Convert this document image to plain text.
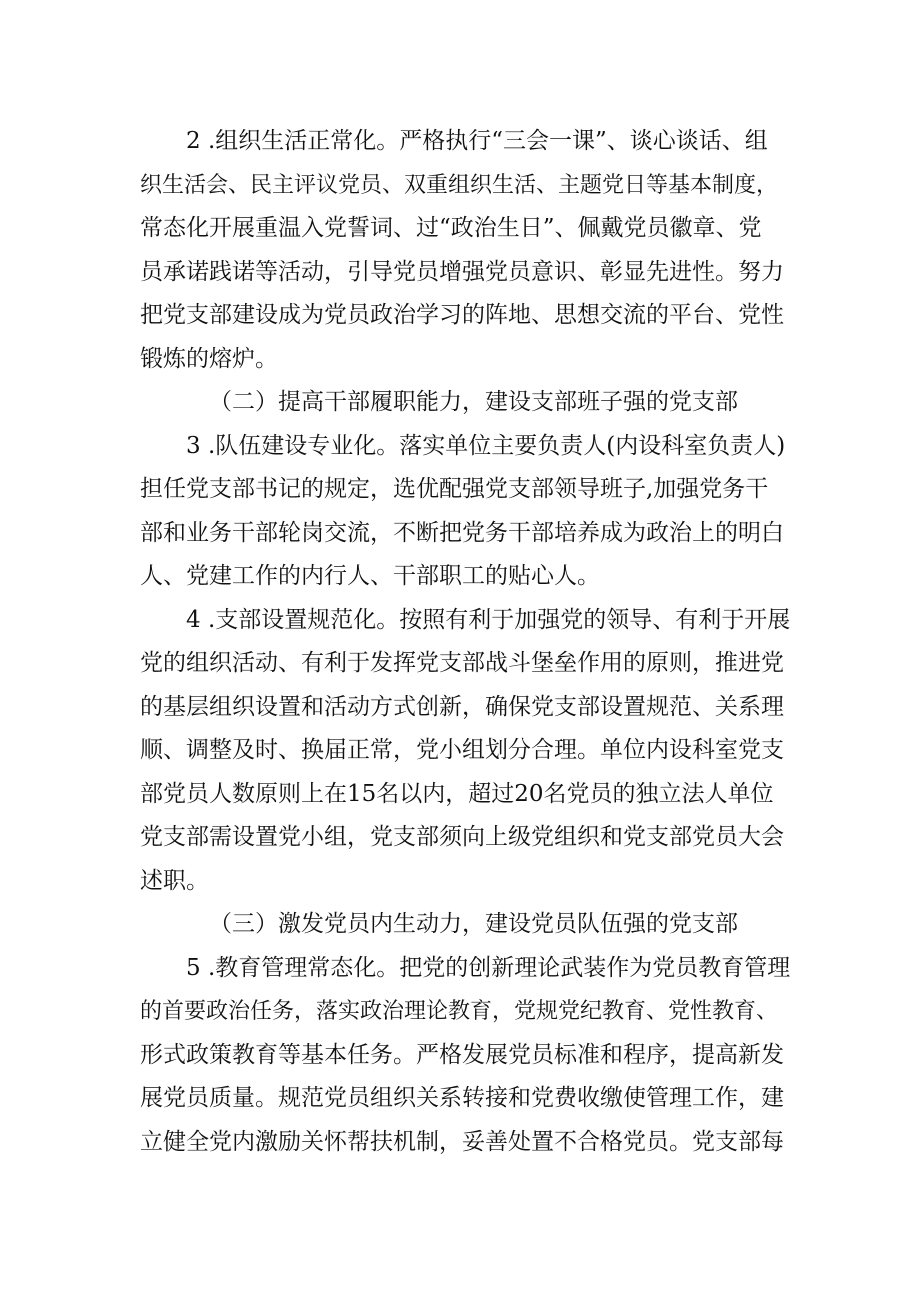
2 .组织生活正常化。严格执行“三会一课”、谈心谈话、组
织生活会、民主评议党员、双重组织生活、主题党日等基本制度，
常态化开展重温入党誓词、过“政治生日”、佩戴党员徽章、党
员承诺践诺等活动，引导党员增强党员意识、彰显先进性。努力
把党支部建设成为党员政治学习的阵地、思想交流的平台、党性
锻炼的熔炉。
（二）提高干部履职能力，建设支部班子强的党支部
3 .队伍建设专业化。落实单位主要负责人(内设科室负责人)
担任党支部书记的规定，选优配强党支部领导班子,加强党务干
部和业务干部轮岗交流，不断把党务干部培养成为政治上的明白
人、党建工作的内行人、干部职工的贴心人。
4 .支部设置规范化。按照有利于加强党的领导、有利于开展
党的组织活动、有利于发挥党支部战斗堡垒作用的原则，推进党
的基层组织设置和活动方式创新，确保党支部设置规范、关系理
顺、调整及时、换届正常，党小组划分合理。单位内设科室党支
部党员人数原则上在15名以内，超过20名党员的独立法人单位
党支部需设置党小组，党支部须向上级党组织和党支部党员大会
述职。
（三）激发党员内生动力，建设党员队伍强的党支部
5 .教育管理常态化。把党的创新理论武装作为党员教育管理
的首要政治任务，落实政治理论教育，党规党纪教育、党性教育、
形式政策教育等基本任务。严格发展党员标准和程序，提高新发
展党员质量。规范党员组织关系转接和党费收缴使管理工作，建
立健全党内激励关怀帮扶机制，妥善处置不合格党员。党支部每
